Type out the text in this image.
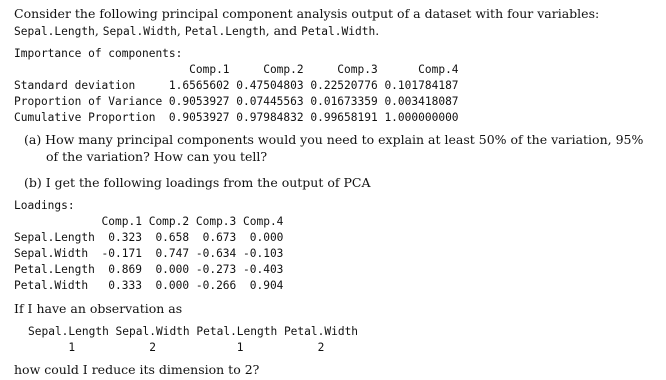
Consider the following principal component analysis output of a dataset with four variables: Sepal.Length, Sepal.Width, Petal.Length, and Petal.Width.
Importance of components:
Comp.1     Comp.2     Comp.3      Comp.4
Standard deviation     1.6565602 0.47504803 0.22520776 0.101784187
Proportion of Variance 0.9053927 0.07445563 0.01673359 0.003418087
Cumulative Proportion  0.9053927 0.97984832 0.99658191 1.000000000
(a) How many principal components would you need to explain at least 50% of the variation, 95% of the variation? How can you tell?
(b) I get the following loadings from the output of PCA
Loadings:
Comp.1 Comp.2 Comp.3 Comp.4
Sepal.Length  0.323  0.658  0.673  0.000
Sepal.Width  -0.171  0.747 -0.634 -0.103
Petal.Length  0.869  0.000 -0.273 -0.403
Petal.Width   0.333  0.000 -0.266  0.904
If I have an observation as
Sepal.Length Sepal.Width Petal.Length Petal.Width
1           2            1           2
how could I reduce its dimension to 2?
